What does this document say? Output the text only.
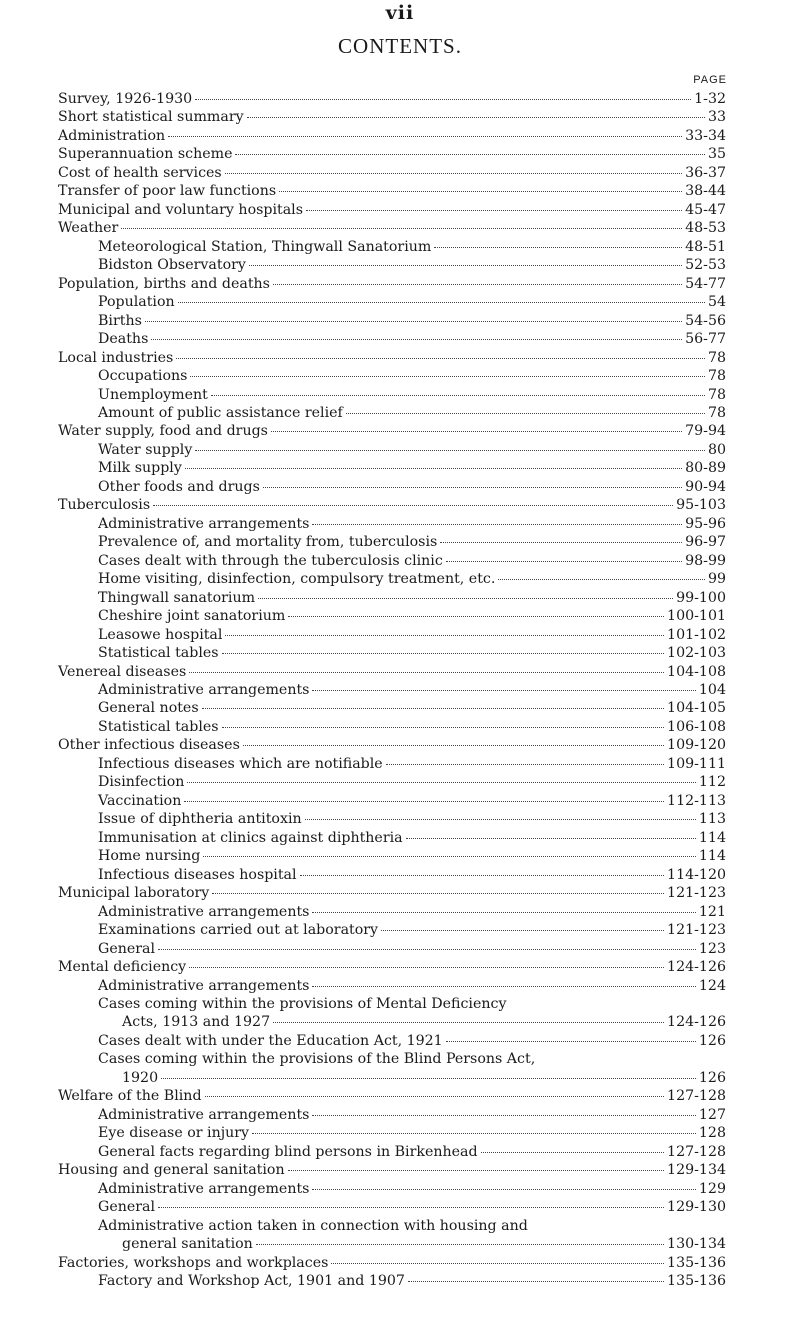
vii
CONTENTS.
PAGE
Survey, 1926-1930	1-32
Short statistical summary	33
Administration	33-34
Superannuation scheme	35
Cost of health services	36-37
Transfer of poor law functions	38-44
Municipal and voluntary hospitals	45-47
Weather	48-53
Meteorological Station, Thingwall Sanatorium	48-51
Bidston Observatory	52-53
Population, births and deaths	54-77
Population	54
Births	54-56
Deaths	56-77
Local industries	78
Occupations	78
Unemployment	78
Amount of public assistance relief	78
Water supply, food and drugs	79-94
Water supply	80
Milk supply	80-89
Other foods and drugs	90-94
Tuberculosis	95-103
Administrative arrangements	95-96
Prevalence of, and mortality from, tuberculosis	96-97
Cases dealt with through the tuberculosis clinic	98-99
Home visiting, disinfection, compulsory treatment, etc.	99
Thingwall sanatorium	99-100
Cheshire joint sanatorium	100-101
Leasowe hospital	101-102
Statistical tables	102-103
Venereal diseases	104-108
Administrative arrangements	104
General notes	104-105
Statistical tables	106-108
Other infectious diseases	109-120
Infectious diseases which are notifiable	109-111
Disinfection	112
Vaccination	112-113
Issue of diphtheria antitoxin	113
Immunisation at clinics against diphtheria	114
Home nursing	114
Infectious diseases hospital	114-120
Municipal laboratory	121-123
Administrative arrangements	121
Examinations carried out at laboratory	121-123
General	123
Mental deficiency	124-126
Administrative arrangements	124
Cases coming within the provisions of Mental Deficiency
Acts, 1913 and 1927	124-126
Cases dealt with under the Education Act, 1921	126
Cases coming within the provisions of the Blind Persons Act,
1920	126
Welfare of the Blind	127-128
Administrative arrangements	127
Eye disease or injury	128
General facts regarding blind persons in Birkenhead	127-128
Housing and general sanitation	129-134
Administrative arrangements	129
General	129-130
Administrative action taken in connection with housing and
general sanitation	130-134
Factories, workshops and workplaces	135-136
Factory and Workshop Act, 1901 and 1907	135-136
